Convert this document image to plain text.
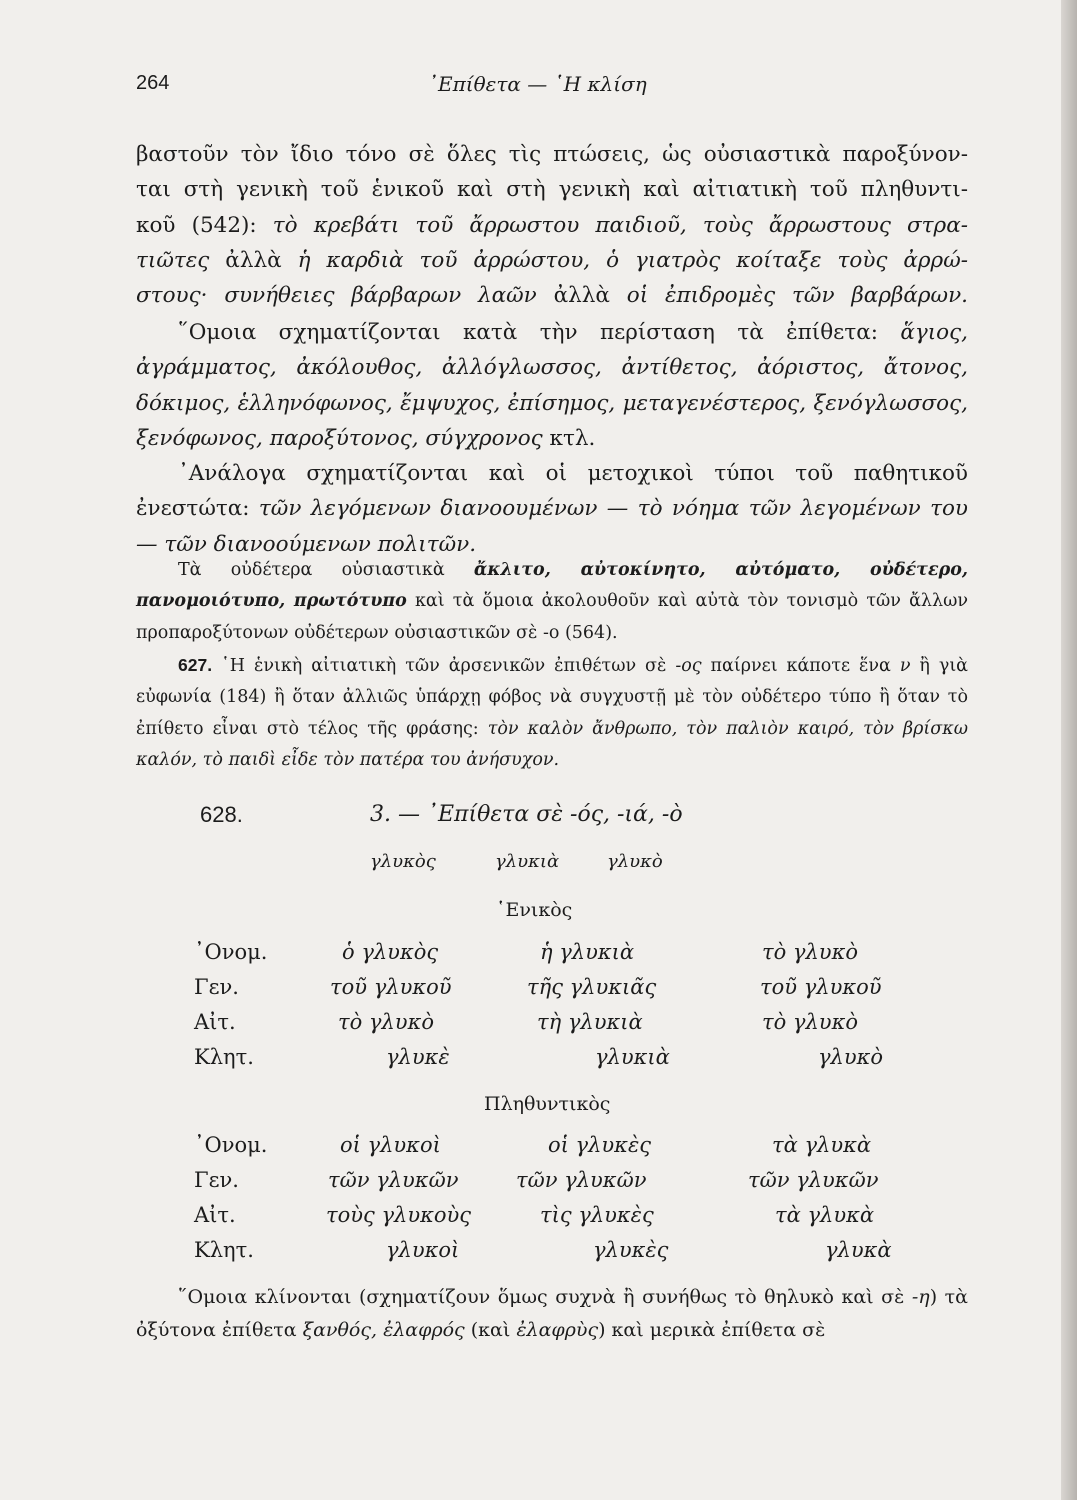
264	᾿Επίθετα — ῾Η κλίση
βαστοῦν τὸν ἴδιο τόνο σὲ ὅλες τὶς πτώσεις, ὡς οὐσιαστικὰ παροξύνον-
ται στὴ γενικὴ τοῦ ἑνικοῦ καὶ στὴ γενικὴ καὶ αἰτιατικὴ τοῦ πληθυντι-
κοῦ (542): τὸ κρεβάτι τοῦ ἄρρωστου παιδιοῦ, τοὺς ἄρρωστους στρα-
τιῶτες ἀλλὰ ἡ καρδιὰ τοῦ ἀρρώστου, ὁ γιατρὸς κοίταξε τοὺς ἀρρώ-
στους· συνήθειες βάρβαρων λαῶν ἀλλὰ οἱ ἐπιδρομὲς τῶν βαρβάρων.

῞Ομοια σχηματίζονται κατὰ τὴν περίσταση τὰ ἐπίθετα: ἅγιος, ἀγράμματος, ἀκόλουθος, ἀλλόγλωσσος, ἀντίθετος, ἀόριστος, ἄτονος, δόκιμος, ἑλληνόφωνος, ἔμψυχος, ἐπίσημος, μεταγενέστερος, ξενόγλωσσος, ξενόφωνος, παροξύτονος, σύγχρονος κτλ.

᾿Ανάλογα σχηματίζονται καὶ οἱ μετοχικοὶ τύποι τοῦ παθητικοῦ ἐνεστώτα: τῶν λεγόμενων διανοουμένων — τὸ νόημα τῶν λεγομένων του — τῶν διανοούμενων πολιτῶν.

Τὰ οὐδέτερα οὐσιαστικὰ ἄκλιτο, αὐτοκίνητο, αὐτόματο, οὐδέτερο, πανομοιότυπο, πρωτότυπο καὶ τὰ ὅμοια ἀκολουθοῦν καὶ αὐτὰ τὸν τονισμὸ τῶν ἄλλων προπαροξύτονων οὐδέτερων οὐσιαστικῶν σὲ -ο (564).

627. ῾Η ἑνικὴ αἰτιατικὴ τῶν ἀρσενικῶν ἐπιθέτων σὲ -ος παίρνει κάποτε ἕνα ν ἢ γιὰ εὐφωνία (184) ἢ ὅταν ἀλλιῶς ὑπάρχῃ φόβος νὰ συγχυστῇ μὲ τὸν οὐδέτερο τύπο ἢ ὅταν τὸ ἐπίθετο εἶναι στὸ τέλος τῆς φράσης: τὸν καλὸν ἄνθρωπο, τὸν παλιὸν καιρό, τὸν βρίσκω καλόν, τὸ παιδὶ εἶδε τὸν πατέρα του ἀνήσυχον.

628.	3. — ᾿Επίθετα σὲ -ός, -ιά, -ὸ
γλυκὸς	γλυκιὰ	γλυκὸ
῾Ενικὸς
᾿Ονομ.	ὁ γλυκὸς	ἡ γλυκιὰ	τὸ γλυκὸ
Γεν.	τοῦ γλυκοῦ	τῆς γλυκιᾶς	τοῦ γλυκοῦ
Αἰτ.	τὸ γλυκὸ	τὴ γλυκιὰ	τὸ γλυκὸ
Κλητ.	γλυκὲ	γλυκιὰ	γλυκὸ
Πληθυντικὸς
᾿Ονομ.	οἱ γλυκοὶ	οἱ γλυκὲς	τὰ γλυκὰ
Γεν.	τῶν γλυκῶν	τῶν γλυκῶν	τῶν γλυκῶν
Αἰτ.	τοὺς γλυκοὺς	τὶς γλυκὲς	τὰ γλυκὰ
Κλητ.	γλυκοὶ	γλυκὲς	γλυκὰ

῞Ομοια κλίνονται (σχηματίζουν ὅμως συχνὰ ἢ συνήθως τὸ θηλυκὸ καὶ σὲ -η) τὰ ὀξύτονα ἐπίθετα ξανθός, ἐλαφρός (καὶ ἐλαφρὺς) καὶ μερικὰ ἐπίθετα σὲ
